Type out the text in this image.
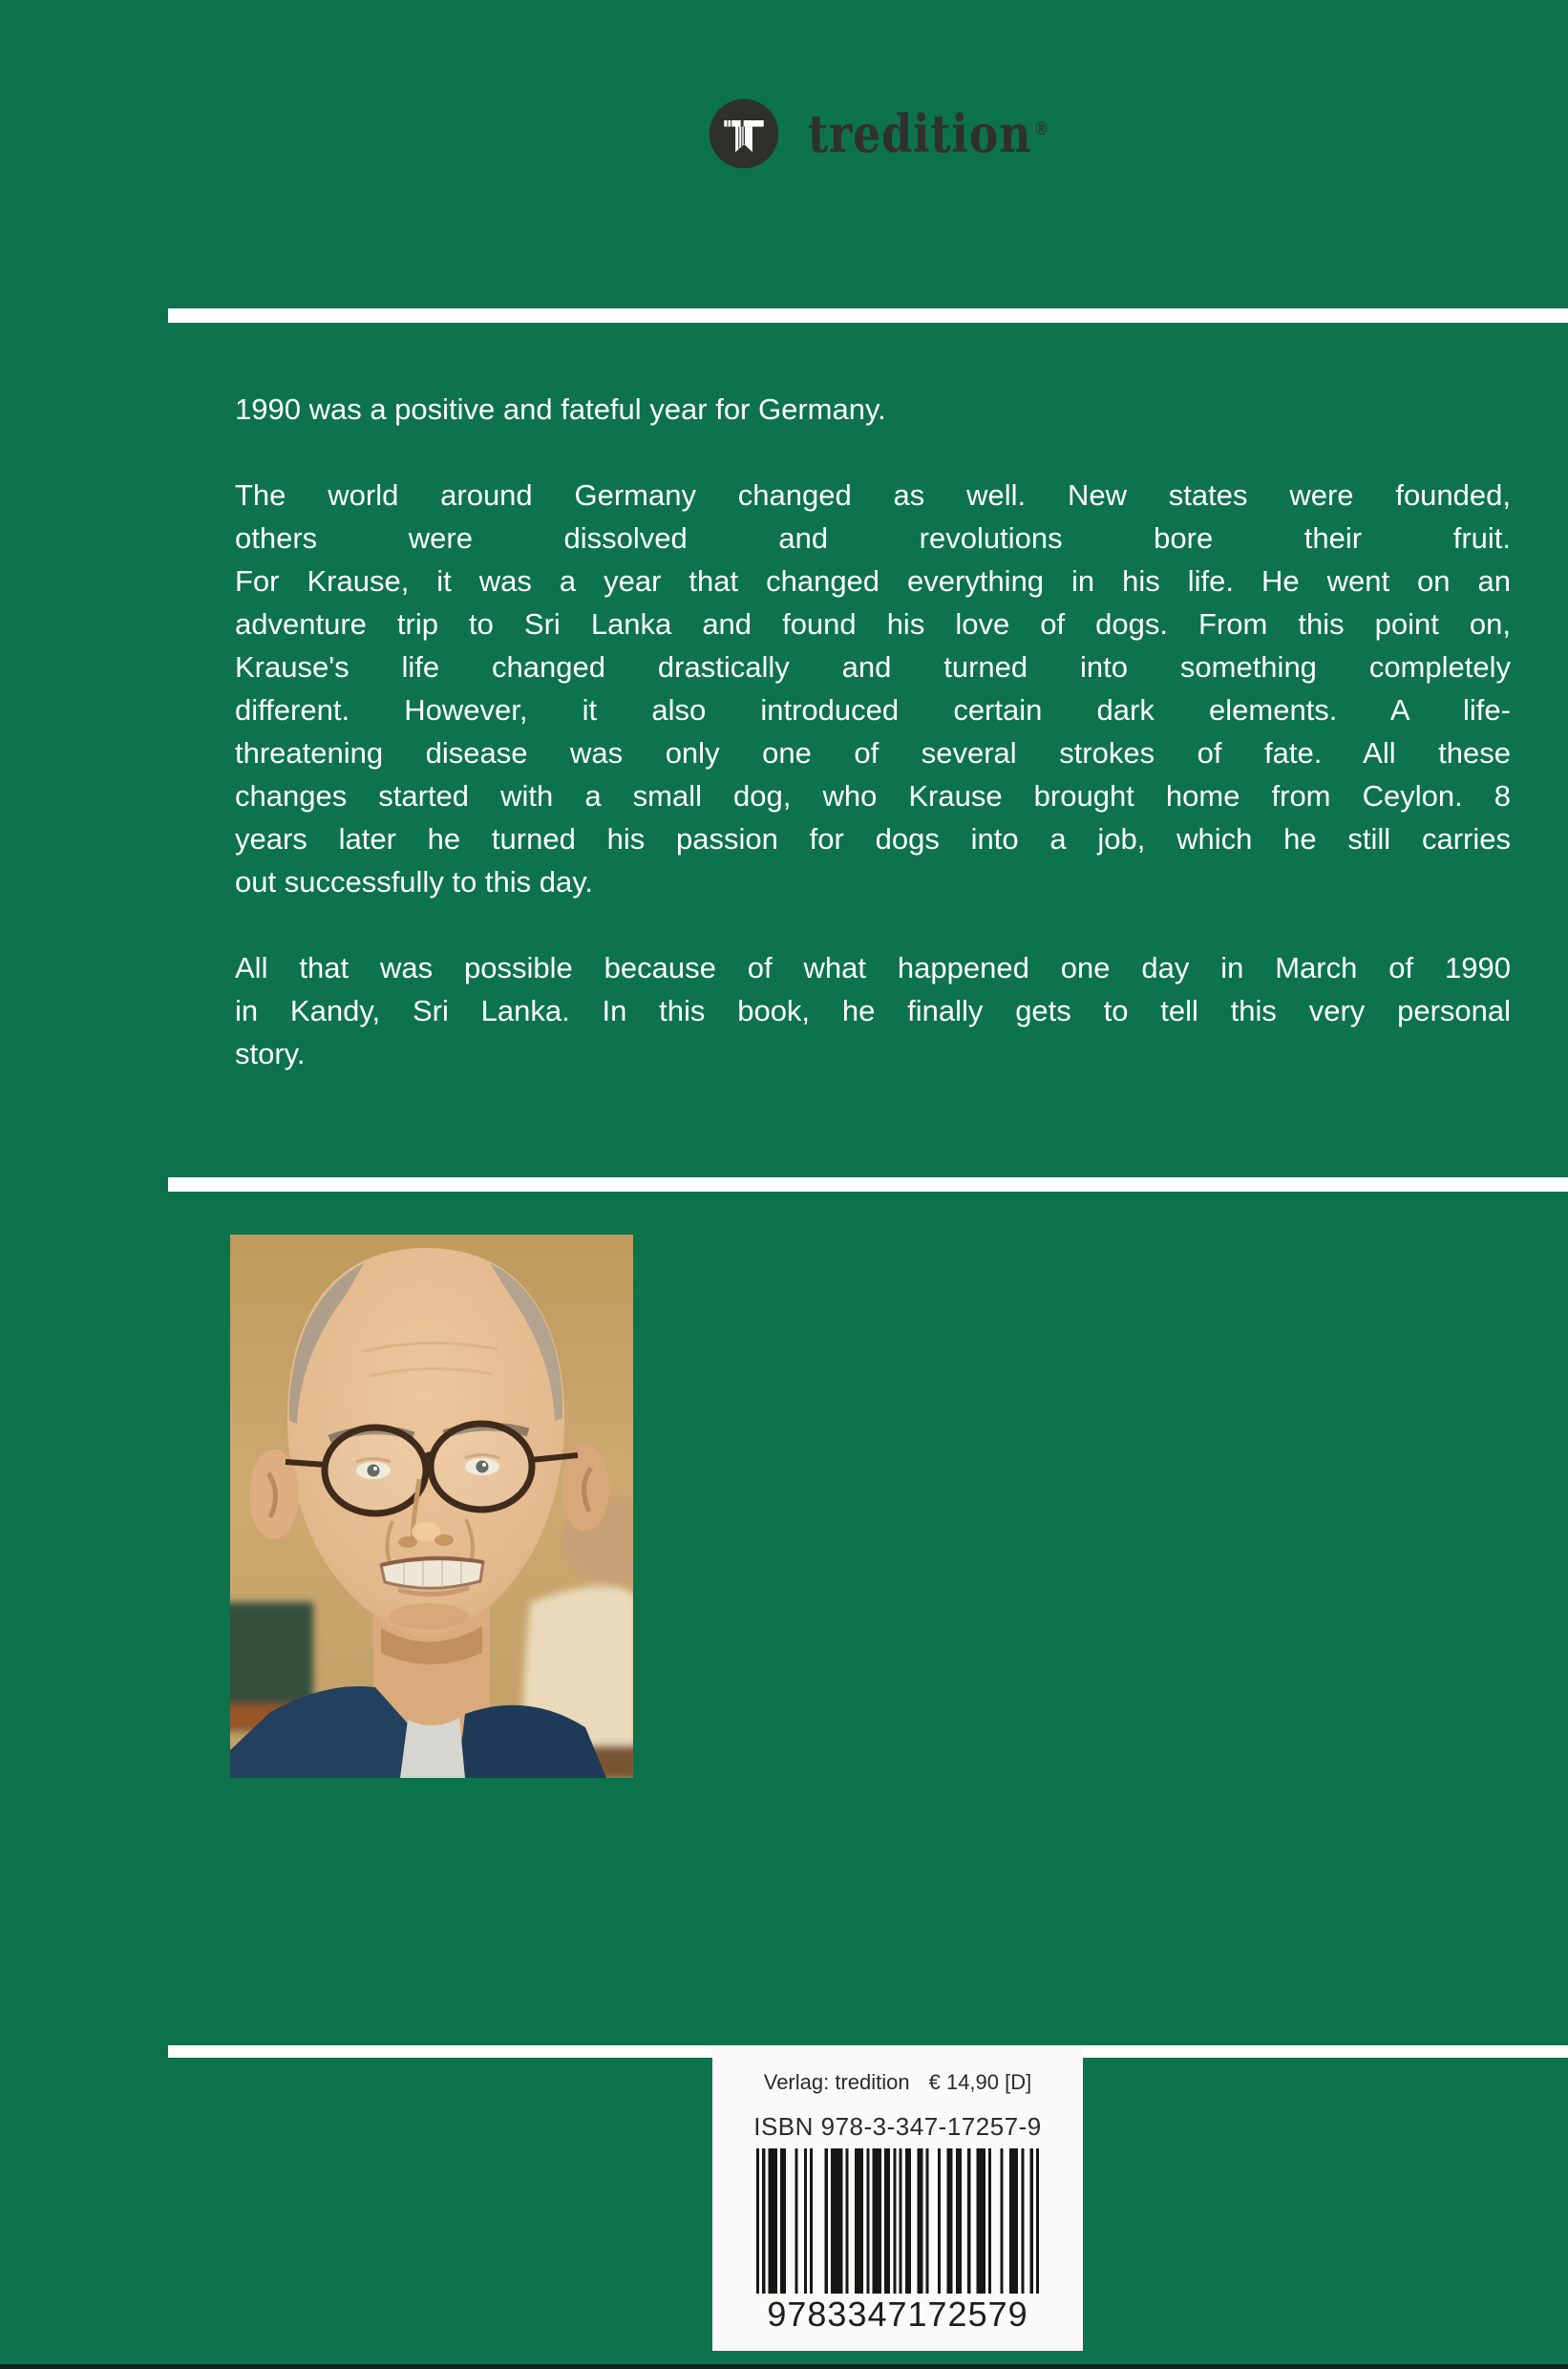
tredition ®
1990 was a positive and fateful year for Germany.
The world around Germany changed as well. New states were founded,
others were dissolved and revolutions bore their fruit.
For Krause, it was a year that changed everything in his life. He went on an
adventure trip to Sri Lanka and found his love of dogs. From this point on,
Krause's life changed drastically and turned into something completely
different. However, it also introduced certain dark elements. A life-
threatening disease was only one of several strokes of fate. All these
changes started with a small dog, who Krause brought home from Ceylon. 8
years later he turned his passion for dogs into a job, which he still carries
out successfully to this day.
All that was possible because of what happened one day in March of 1990
in Kandy, Sri Lanka. In this book, he finally gets to tell this very personal
story.
Verlag: tredition € 14,90 [D]
ISBN 978-3-347-17257-9
9783347172579
